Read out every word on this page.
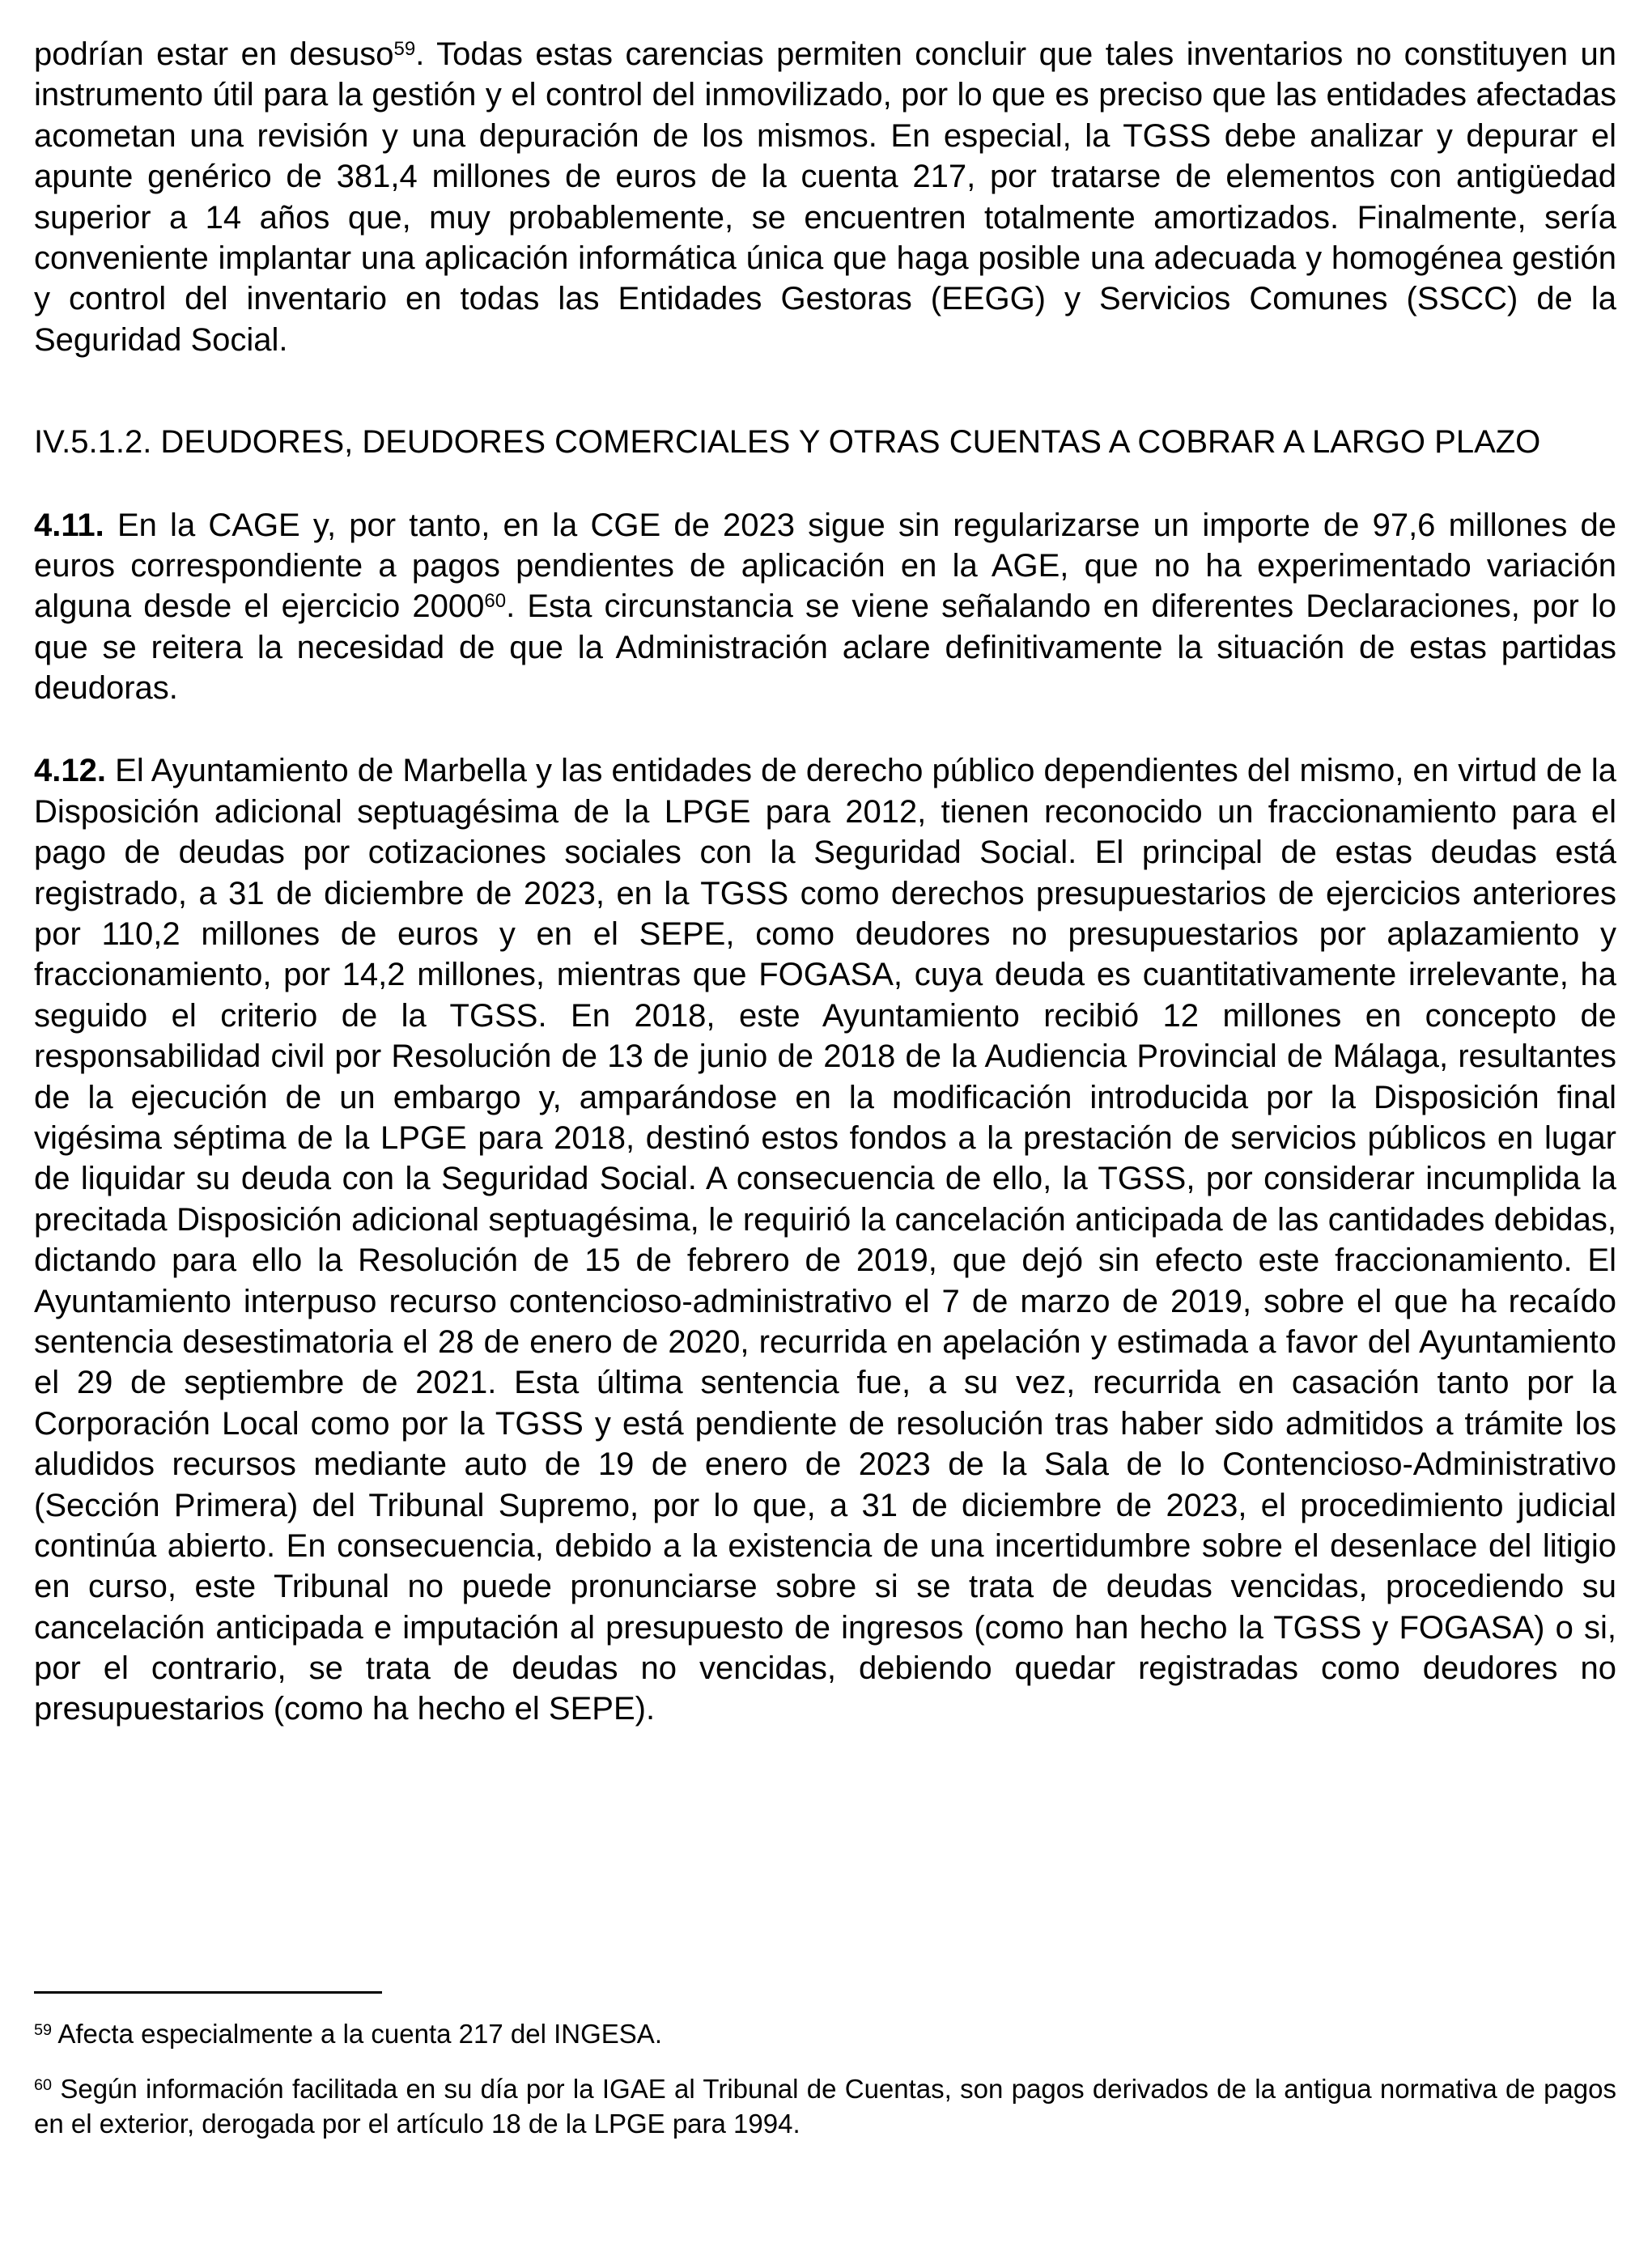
podrían estar en desuso$^{59}$. Todas estas carencias permiten concluir que tales inventarios no constituyen un instrumento útil para la gestión y el control del inmovilizado, por lo que es preciso que las entidades afectadas acometan una revisión y una depuración de los mismos. En especial, la TGSS debe analizar y depurar el apunte genérico de 381,4 millones de euros de la cuenta 217, por tratarse de elementos con antigüedad superior a 14 años que, muy probablemente, se encuentren totalmente amortizados. Finalmente, sería conveniente implantar una aplicación informática única que haga posible una adecuada y homogénea gestión y control del inventario en todas las Entidades Gestoras (EEGG) y Servicios Comunes (SSCC) de la Seguridad Social.

IV.5.1.2. DEUDORES, DEUDORES COMERCIALES Y OTRAS CUENTAS A COBRAR A LARGO PLAZO

4.11. En la CAGE y, por tanto, en la CGE de 2023 sigue sin regularizarse un importe de 97,6 millones de euros correspondiente a pagos pendientes de aplicación en la AGE, que no ha experimentado variación alguna desde el ejercicio 2000$^{60}$. Esta circunstancia se viene señalando en diferentes Declaraciones, por lo que se reitera la necesidad de que la Administración aclare definitivamente la situación de estas partidas deudoras.

4.12. El Ayuntamiento de Marbella y las entidades de derecho público dependientes del mismo, en virtud de la Disposición adicional septuagésima de la LPGE para 2012, tienen reconocido un fraccionamiento para el pago de deudas por cotizaciones sociales con la Seguridad Social. El principal de estas deudas está registrado, a 31 de diciembre de 2023, en la TGSS como derechos presupuestarios de ejercicios anteriores por 110,2 millones de euros y en el SEPE, como deudores no presupuestarios por aplazamiento y fraccionamiento, por 14,2 millones, mientras que FOGASA, cuya deuda es cuantitativamente irrelevante, ha seguido el criterio de la TGSS. En 2018, este Ayuntamiento recibió 12 millones en concepto de responsabilidad civil por Resolución de 13 de junio de 2018 de la Audiencia Provincial de Málaga, resultantes de la ejecución de un embargo y, amparándose en la modificación introducida por la Disposición final vigésima séptima de la LPGE para 2018, destinó estos fondos a la prestación de servicios públicos en lugar de liquidar su deuda con la Seguridad Social. A consecuencia de ello, la TGSS, por considerar incumplida la precitada Disposición adicional septuagésima, le requirió la cancelación anticipada de las cantidades debidas, dictando para ello la Resolución de 15 de febrero de 2019, que dejó sin efecto este fraccionamiento. El Ayuntamiento interpuso recurso contencioso-administrativo el 7 de marzo de 2019, sobre el que ha recaído sentencia desestimatoria el 28 de enero de 2020, recurrida en apelación y estimada a favor del Ayuntamiento el 29 de septiembre de 2021. Esta última sentencia fue, a su vez, recurrida en casación tanto por la Corporación Local como por la TGSS y está pendiente de resolución tras haber sido admitidos a trámite los aludidos recursos mediante auto de 19 de enero de 2023 de la Sala de lo Contencioso-Administrativo (Sección Primera) del Tribunal Supremo, por lo que, a 31 de diciembre de 2023, el procedimiento judicial continúa abierto. En consecuencia, debido a la existencia de una incertidumbre sobre el desenlace del litigio en curso, este Tribunal no puede pronunciarse sobre si se trata de deudas vencidas, procediendo su cancelación anticipada e imputación al presupuesto de ingresos (como han hecho la TGSS y FOGASA) o si, por el contrario, se trata de deudas no vencidas, debiendo quedar registradas como deudores no presupuestarios (como ha hecho el SEPE).

$^{59}$ Afecta especialmente a la cuenta 217 del INGESA.

$^{60}$ Según información facilitada en su día por la IGAE al Tribunal de Cuentas, son pagos derivados de la antigua normativa de pagos en el exterior, derogada por el artículo 18 de la LPGE para 1994.
